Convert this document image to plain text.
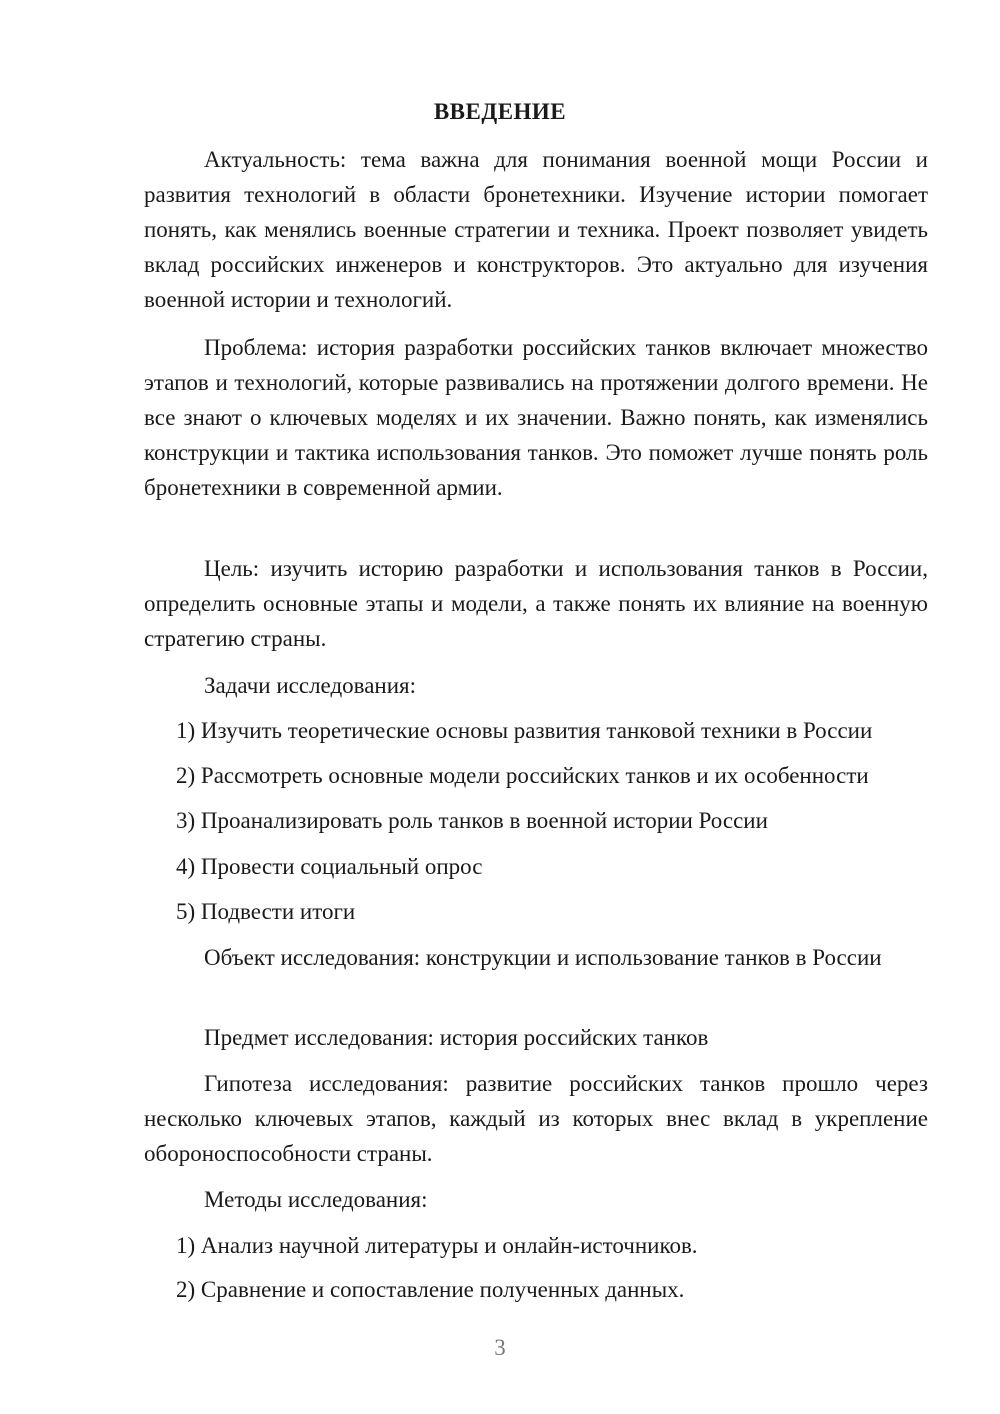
ВВЕДЕНИЕ

Актуальность: тема важна для понимания военной мощи России и развития технологий в области бронетехники. Изучение истории помогает понять, как менялись военные стратегии и техника. Проект позволяет увидеть вклад российских инженеров и конструкторов. Это актуально для изучения военной истории и технологий.

Проблема: история разработки российских танков включает множество этапов и технологий, которые развивались на протяжении долгого времени. Не все знают о ключевых моделях и их значении. Важно понять, как изменялись конструкции и тактика использования танков. Это поможет лучше понять роль бронетехники в современной армии.

Цель: изучить историю разработки и использования танков в России, определить основные этапы и модели, а также понять их влияние на военную стратегию страны.

Задачи исследования:

1) Изучить теоретические основы развития танковой техники в России

2) Рассмотреть основные модели российских танков и их особенности

3) Проанализировать роль танков в военной истории России

4) Провести социальный опрос

5) Подвести итоги

Объект исследования: конструкции и использование танков в России

Предмет исследования: история российских танков

Гипотеза исследования: развитие российских танков прошло через несколько ключевых этапов, каждый из которых внес вклад в укрепление обороноспособности страны.

Методы исследования:

1) Анализ научной литературы и онлайн-источников.

2) Сравнение и сопоставление полученных данных.

3
